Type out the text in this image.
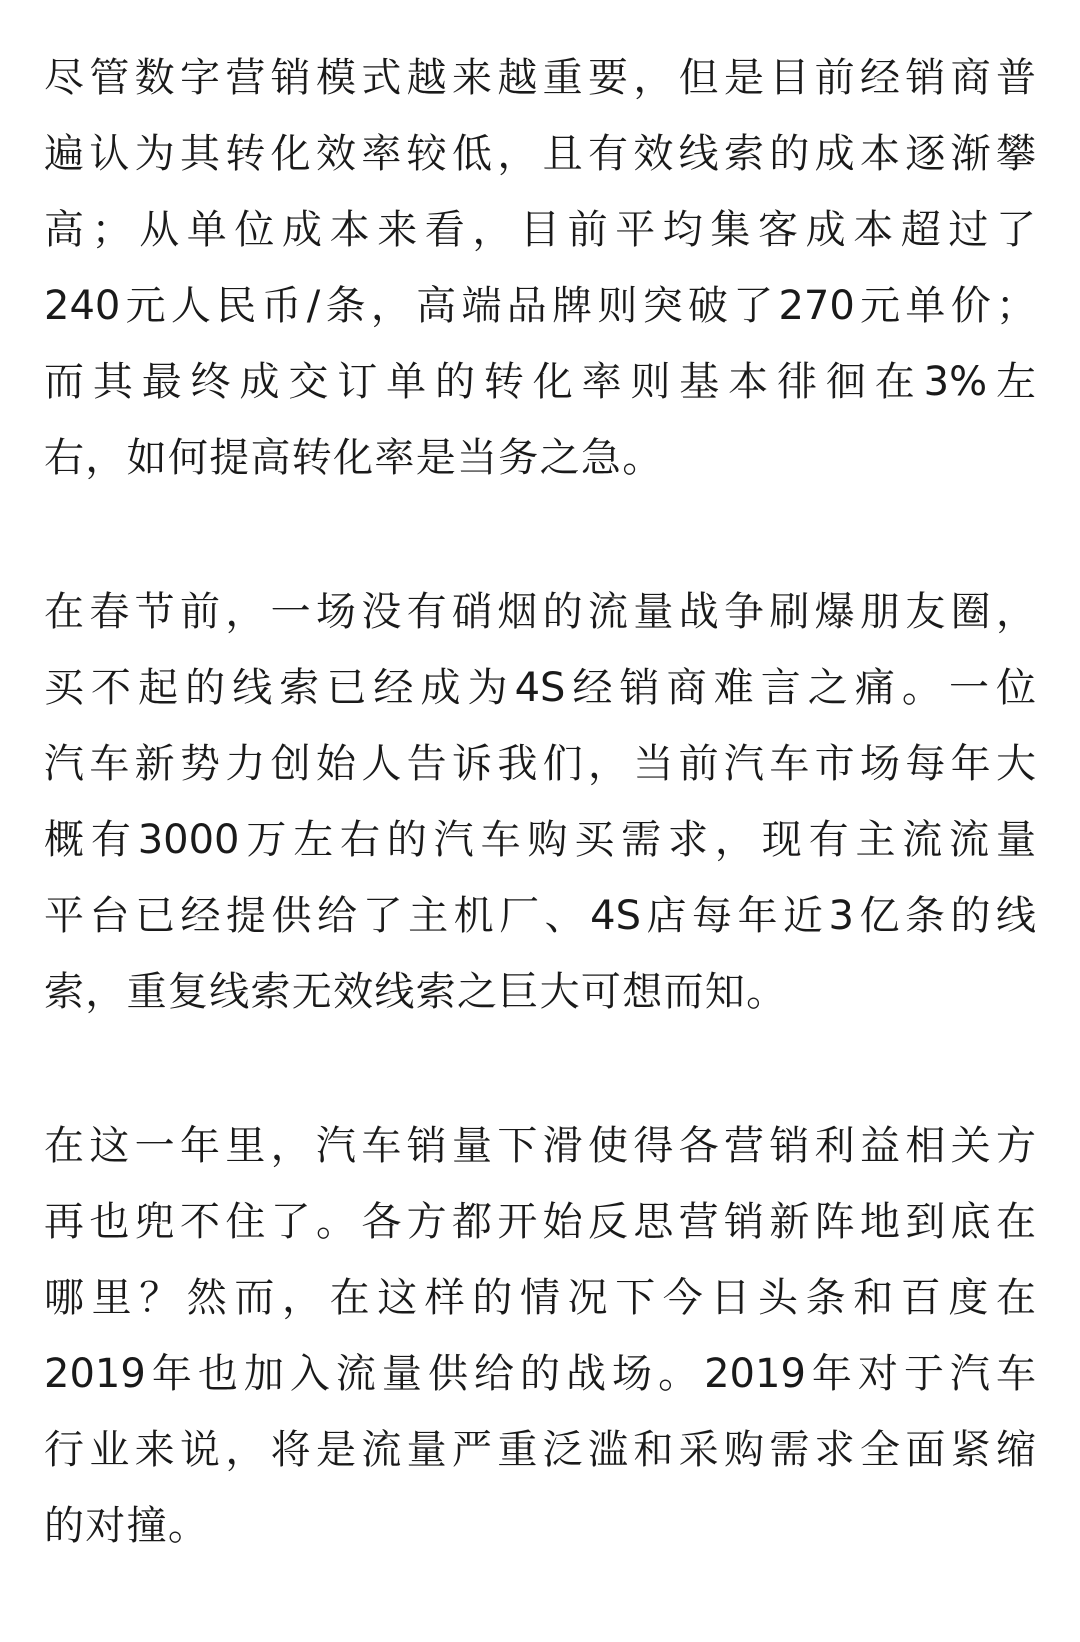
尽管数字营销模式越来越重要，但是目前经销商普
遍认为其转化效率较低，且有效线索的成本逐渐攀
高；从单位成本来看，目前平均集客成本超过了
240元人民币/条，高端品牌则突破了270元单价；
而其最终成交订单的转化率则基本徘徊在3%左
右，如何提高转化率是当务之急。
在春节前，一场没有硝烟的流量战争刷爆朋友圈，
买不起的线索已经成为4S经销商难言之痛。一位
汽车新势力创始人告诉我们，当前汽车市场每年大
概有3000万左右的汽车购买需求，现有主流流量
平台已经提供给了主机厂、4S店每年近3亿条的线
索，重复线索无效线索之巨大可想而知。
在这一年里，汽车销量下滑使得各营销利益相关方
再也兜不住了。各方都开始反思营销新阵地到底在
哪里？然而，在这样的情况下今日头条和百度在
2019年也加入流量供给的战场。2019年对于汽车
行业来说，将是流量严重泛滥和采购需求全面紧缩
的对撞。
